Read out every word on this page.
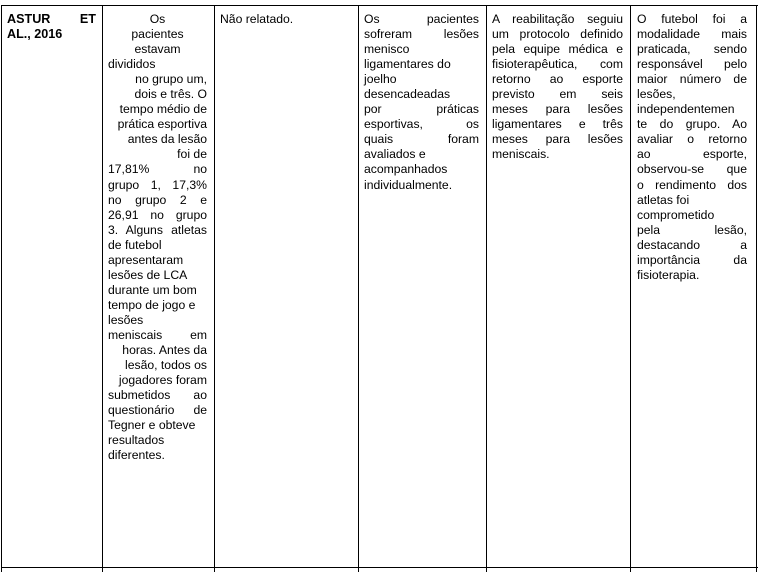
ASTUR ET
AL., 2016
Os
pacientes
estavam
divididos
no grupo um,
dois e três. O
tempo médio de
prática esportiva
antes da lesão
foi de
17,81% no
grupo 1, 17,3%
no grupo 2 e
26,91 no grupo
3. Alguns atletas
de futebol
apresentaram
lesões de LCA
durante um bom
tempo de jogo e
lesões
meniscais em
horas. Antes da
lesão, todos os
jogadores foram
submetidos ao
questionário de
Tegner e obteve
resultados
diferentes.
Não relatado.	Os pacientes
sofreram lesões
menisco
ligamentares do
joelho
desencadeadas
por práticas
esportivas, os
quais foram
avaliados e
acompanhados
individualmente.
A reabilitação seguiu
um protocolo definido
pela equipe médica e
fisioterapêutica, com
retorno ao esporte
previsto em seis
meses para lesões
ligamentares e três
meses para lesões
meniscais.
O futebol foi a
modalidade mais
praticada, sendo
responsável pelo
maior número de
lesões,
independentemen
te do grupo. Ao
avaliar o retorno
ao esporte,
observou-se que
o rendimento dos
atletas foi
comprometido
pela lesão,
destacando a
importância da
fisioterapia.
